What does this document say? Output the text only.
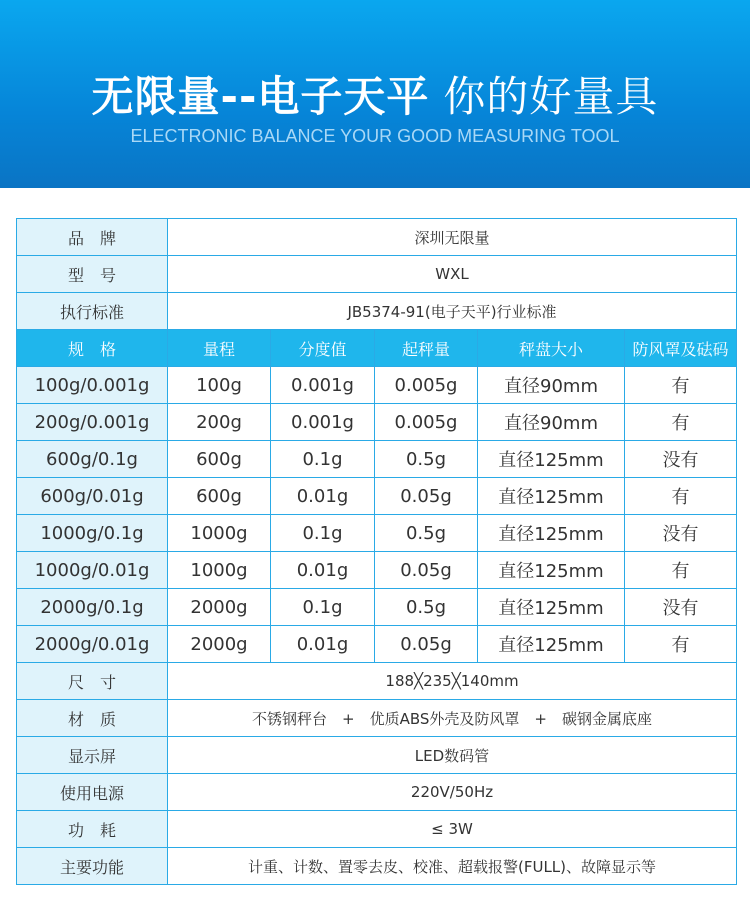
无限量--电子天平 你的好量具
ELECTRONIC BALANCE YOUR GOOD MEASURING TOOL
品　牌	深圳无限量				
型　号	WXL				
执行标准	JB5374-91(电子天平)行业标准				
规　格	量程	分度值	起秤量	秤盘大小	防风罩及砝码
100g/0.001g	100g	0.001g	0.005g	直径90mm	有
200g/0.001g	200g	0.001g	0.005g	直径90mm	有
600g/0.1g	600g	0.1g	0.5g	直径125mm	没有
600g/0.01g	600g	0.01g	0.05g	直径125mm	有
1000g/0.1g	1000g	0.1g	0.5g	直径125mm	没有
1000g/0.01g	1000g	0.01g	0.05g	直径125mm	有
2000g/0.1g	2000g	0.1g	0.5g	直径125mm	没有
2000g/0.01g	2000g	0.01g	0.05g	直径125mm	有
尺　寸	188╳235╳140mm				
材　质	不锈钢秤台　+　优质ABS外壳及防风罩　+　碳钢金属底座				
显示屏	LED数码管				
使用电源	220V/50Hz				
功　耗	≤ 3W				
主要功能	计重、计数、置零去皮、校准、超载报警(FULL)、故障显示等				
